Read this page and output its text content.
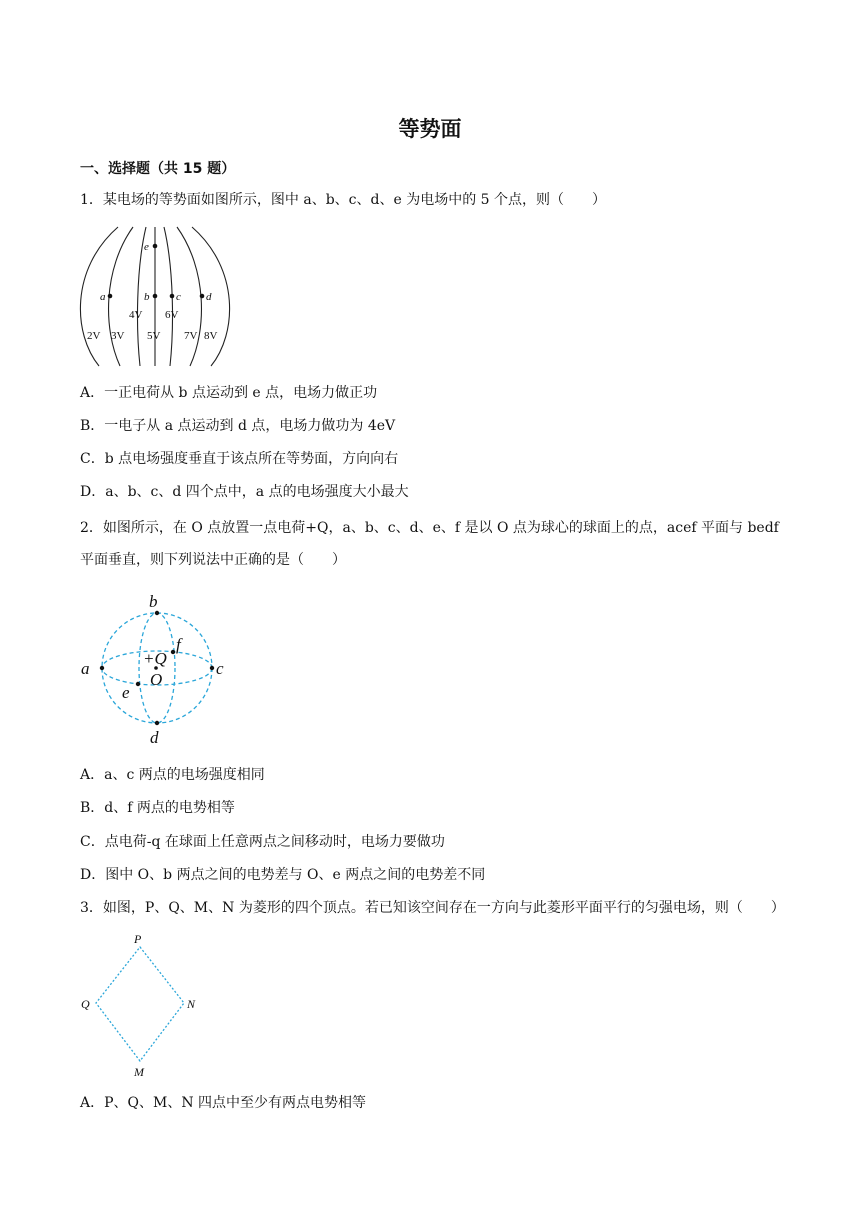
等势面
一、选择题（共 15 题）
1．某电场的等势面如图所示，图中 a、b、c、d、e 为电场中的 5 个点，则（　　）
e
a	b c d
4V 6V
2V 3V 5V 7V 8V
A．一正电荷从 b 点运动到 e 点，电场力做正功
B．一电子从 a 点运动到 d 点，电场力做功为 4eV
C．b 点电场强度垂直于该点所在等势面，方向向右
D．a、b、c、d 四个点中，a 点的电场强度大小最大
2．如图所示，在 O 点放置一点电荷+Q，a、b、c、d、e、f 是以 O 点为球心的球面上的点，acef 平面与 bedf
平面垂直，则下列说法中正确的是（　　）
b
d
a	c
e
f
+Q
O
A．a、c 两点的电场强度相同
B．d、f 两点的电势相等
C．点电荷-q 在球面上任意两点之间移动时，电场力要做功
D．图中 O、b 两点之间的电势差与 O、e 两点之间的电势差不同
3．如图，P、Q、M、N 为菱形的四个顶点。若已知该空间存在一方向与此菱形平面平行的匀强电场，则（　　）
P
Q	N
M
A．P、Q、M、N 四点中至少有两点电势相等
